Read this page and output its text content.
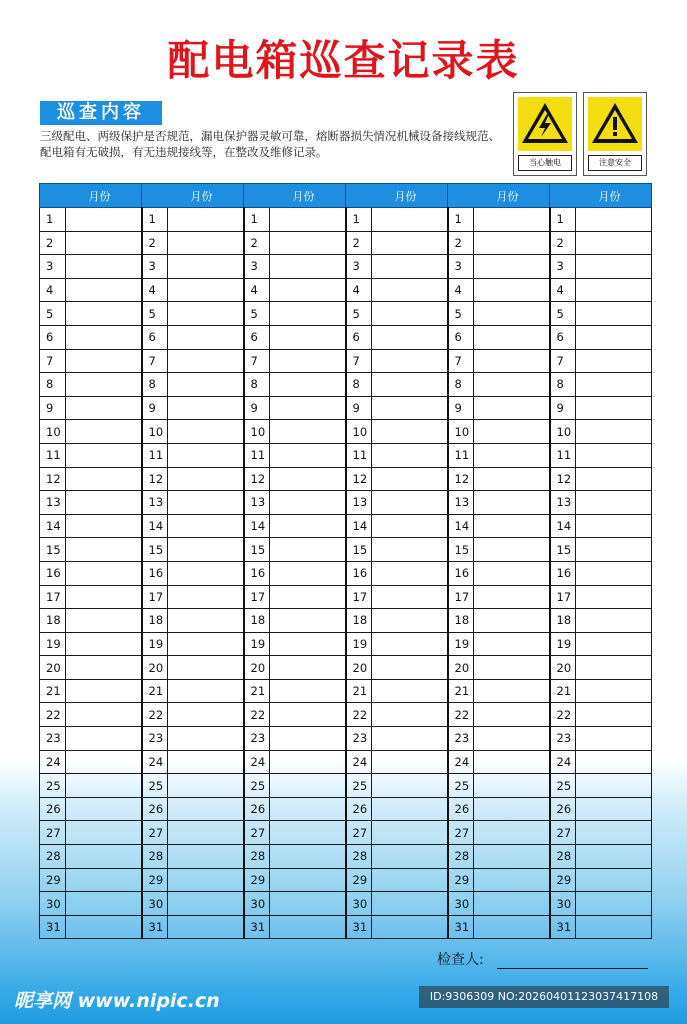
配电箱巡查记录表
巡查内容
三级配电、两级保护是否规范，漏电保护器灵敏可靠，熔断器损失情况机械设备接线规范、配电箱有无破损，有无违规接线等，在整改及维修记录。
当心触电	注意安全
月份		月份		月份		月份		月份		月份	

1		1		1		1		1		1	
2		2		2		2		2		2	
3		3		3		3		3		3	
4		4		4		4		4		4	
5		5		5		5		5		5	
6		6		6		6		6		6	
7		7		7		7		7		7	
8		8		8		8		8		8	
9		9		9		9		9		9	
10		10		10		10		10		10	
11		11		11		11		11		11	
12		12		12		12		12		12	
13		13		13		13		13		13	
14		14		14		14		14		14	
15		15		15		15		15		15	
16		16		16		16		16		16	
17		17		17		17		17		17	
18		18		18		18		18		18	
19		19		19		19		19		19	
20		20		20		20		20		20	
21		21		21		21		21		21	
22		22		22		22		22		22	
23		23		23		23		23		23	
24		24		24		24		24		24	
25		25		25		25		25		25	
26		26		26		26		26		26	
27		27		27		27		27		27	
28		28		28		28		28		28	
29		29		29		29		29		29	
30		30		30		30		30		30	
31		31		31		31		31		31	
检查人:
昵享网 www.nipic.cn	ID:9306309 NO:20260401123037417108
